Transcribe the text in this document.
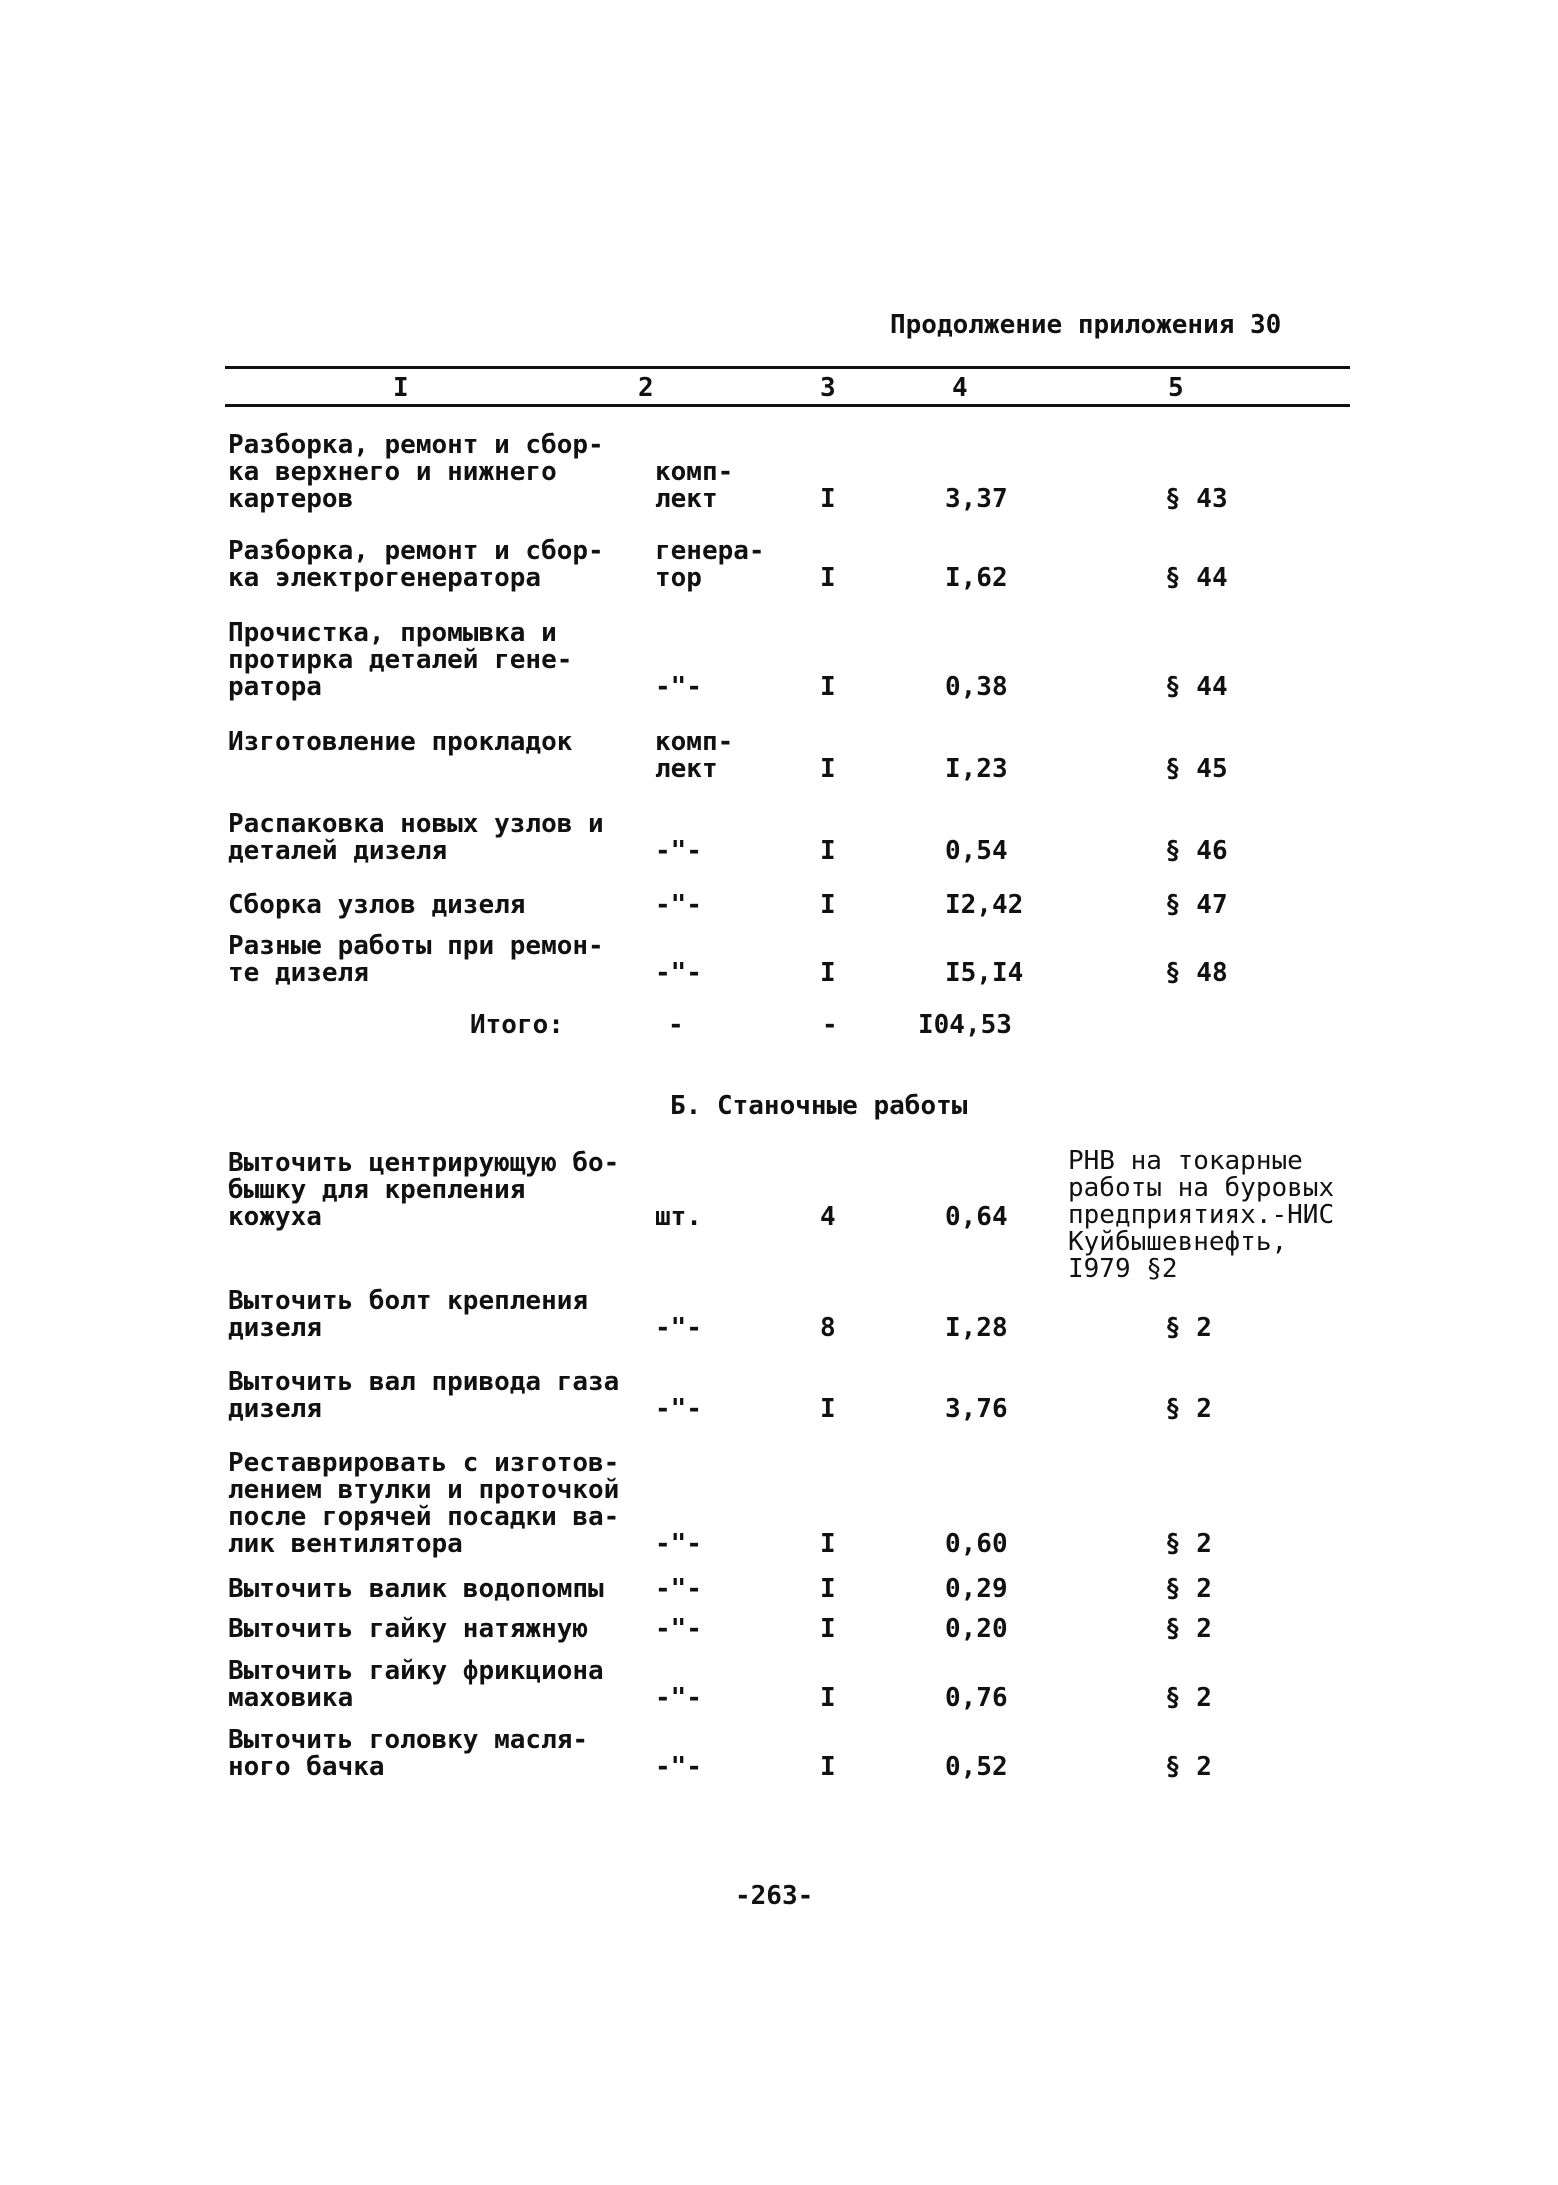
Продолжение приложения 30
I	2	3	4	5
Разборка, ремонт и сбор-
ка верхнего и нижнего
картеров
комп-
лект	I	3,37	§ 43
Разборка, ремонт и сбор-
ка электрогенератора
генера-
тор	I	I,62	§ 44
Прочистка, промывка и
протирка деталей гене-
ратора	-"-	I	0,38	§ 44
Изготовление прокладок	комп-
лект	I	I,23	§ 45
Распаковка новых узлов и
деталей дизеля	-"-	I	0,54	§ 46
Сборка узлов дизеля	-"-	I	I2,42	§ 47
Разные работы при ремон-
те дизеля	-"-	I	I5,I4	§ 48
Итого:	-	-	I04,53
Б. Станочные работы
Выточить центрирующую бо-
бышку для крепления
кожуха	шт.	4	0,64
РНВ на токарные
работы на буровых
предприятиях.-НИС
Куйбышевнефть,
I979 §2
Выточить болт крепления
дизеля	-"-	8	I,28	§ 2
Выточить вал привода газа
дизеля	-"-	I	3,76	§ 2
Реставрировать с изготов-
лением втулки и проточкой
после горячей посадки ва-
лик вентилятора	-"-	I	0,60	§ 2
Выточить валик водопомпы -"-	I	0,29	§ 2
Выточить гайку натяжную	-"-	I	0,20	§ 2
Выточить гайку фрикциона
маховика	-"-	I	0,76	§ 2
Выточить головку масля-
ного бачка	-"-	I	0,52	§ 2
-263-
